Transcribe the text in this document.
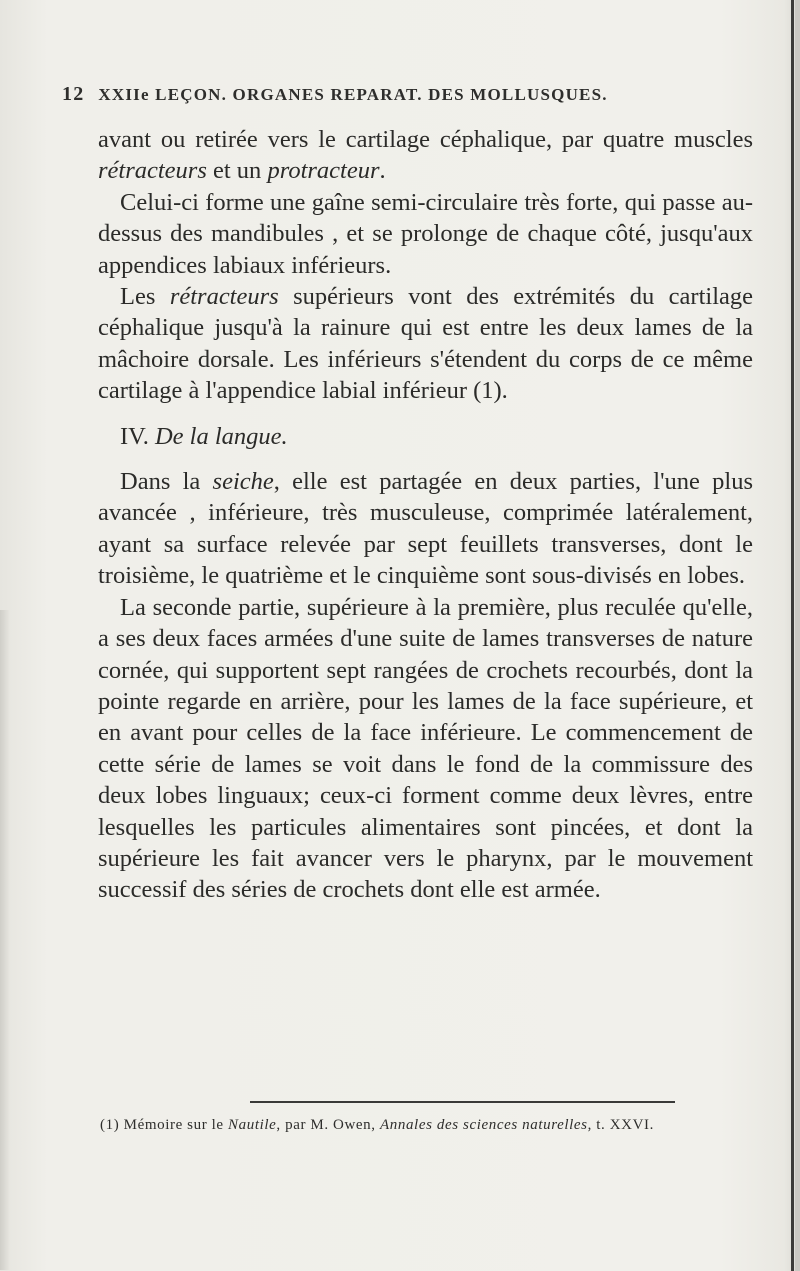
12 XXIIe LEÇON. ORGANES REPARAT. DES MOLLUSQUES.

avant ou retirée vers le cartilage céphalique, par quatre muscles rétracteurs et un protracteur.

Celui-ci forme une gaîne semi-circulaire très forte, qui passe au-dessus des mandibules , et se prolonge de chaque côté, jusqu'aux appendices labiaux inférieurs.

Les rétracteurs supérieurs vont des extrémités du cartilage céphalique jusqu'à la rainure qui est entre les deux lames de la mâchoire dorsale. Les inférieurs s'étendent du corps de ce même cartilage à l'appendice labial inférieur (1).

IV. De la langue.

Dans la seiche, elle est partagée en deux parties, l'une plus avancée , inférieure, très musculeuse, comprimée latéralement, ayant sa surface relevée par sept feuillets transverses, dont le troisième, le quatrième et le cinquième sont sous-divisés en lobes.

La seconde partie, supérieure à la première, plus reculée qu'elle, a ses deux faces armées d'une suite de lames transverses de nature cornée, qui supportent sept rangées de crochets recourbés, dont la pointe regarde en arrière, pour les lames de la face supérieure, et en avant pour celles de la face inférieure. Le commencement de cette série de lames se voit dans le fond de la commissure des deux lobes linguaux; ceux-ci forment comme deux lèvres, entre lesquelles les particules alimentaires sont pincées, et dont la supérieure les fait avancer vers le pharynx, par le mouvement successif des séries de crochets dont elle est armée.

(1) Mémoire sur le Nautile, par M. Owen, Annales des sciences naturelles, t. XXVI.
